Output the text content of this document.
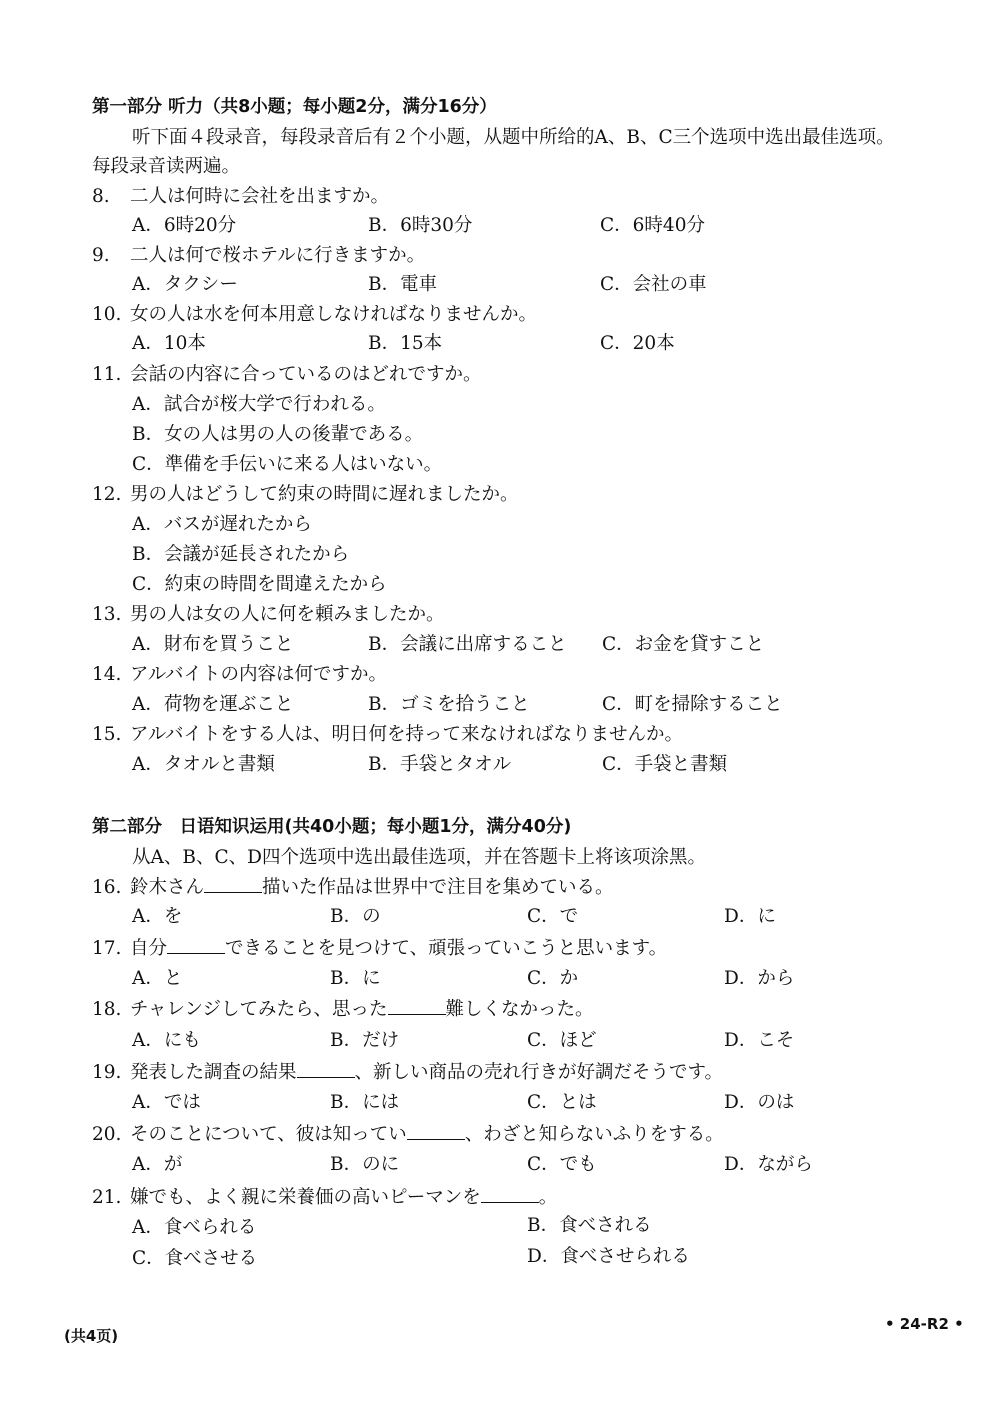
第一部分 听力（共8小题；每小题2分，满分16分）
听下面４段录音，每段录音后有２个小题，从题中所给的A、B、C三个选项中选出最佳选项。
每段录音读两遍。
8. 二人は何時に会社を出ますか。
A．6時20分	B．6時30分	C．6時40分
9. 二人は何で桜ホテルに行きますか。
A．タクシー	B．電車	C．会社の車
10. 女の人は水を何本用意しなければなりませんか。
A．10本	B．15本	C．20本
11. 会話の内容に合っているのはどれですか。
A．試合が桜大学で行われる。
B．女の人は男の人の後輩である。
C．準備を手伝いに来る人はいない。
12. 男の人はどうして約束の時間に遅れましたか。
A．バスが遅れたから
B．会議が延長されたから
C．約束の時間を間違えたから
13. 男の人は女の人に何を頼みましたか。
A．財布を買うこと	B．会議に出席すること C．お金を貸すこと
14. アルバイトの内容は何ですか。
A．荷物を運ぶこと	B．ゴミを拾うこと	C．町を掃除すること
15. アルバイトをする人は、明日何を持って来なければなりませんか。
A．タオルと書類	B．手袋とタオル	C．手袋と書類
第二部分　日语知识运用(共40小题；每小题1分，满分40分)
从A、B、C、D四个选项中选出最佳选项，并在答题卡上将该项涂黑。
16. 鈴木さん	描いた作品は世界中で注目を集めている。
A．を	B．の	C．で	D．に
17. 自分	できることを見つけて、頑張っていこうと思います。
A．と	B．に	C．か	D．から
18. チャレンジしてみたら、思った	難しくなかった。
A．にも	B．だけ	C．ほど	D．こそ
19. 発表した調査の結果	、新しい商品の売れ行きが好調だそうです。
A．では	B．には	C．とは	D．のは
20. そのことについて、彼は知ってい	、わざと知らないふりをする。
A．が	B．のに	C．でも	D．ながら
21. 嫌でも、よく親に栄養価の高いピーマンを	。
A．食べられる	B．食べされる
C．食べさせる	D．食べさせられる
(共4页)
• 24-R2 •
